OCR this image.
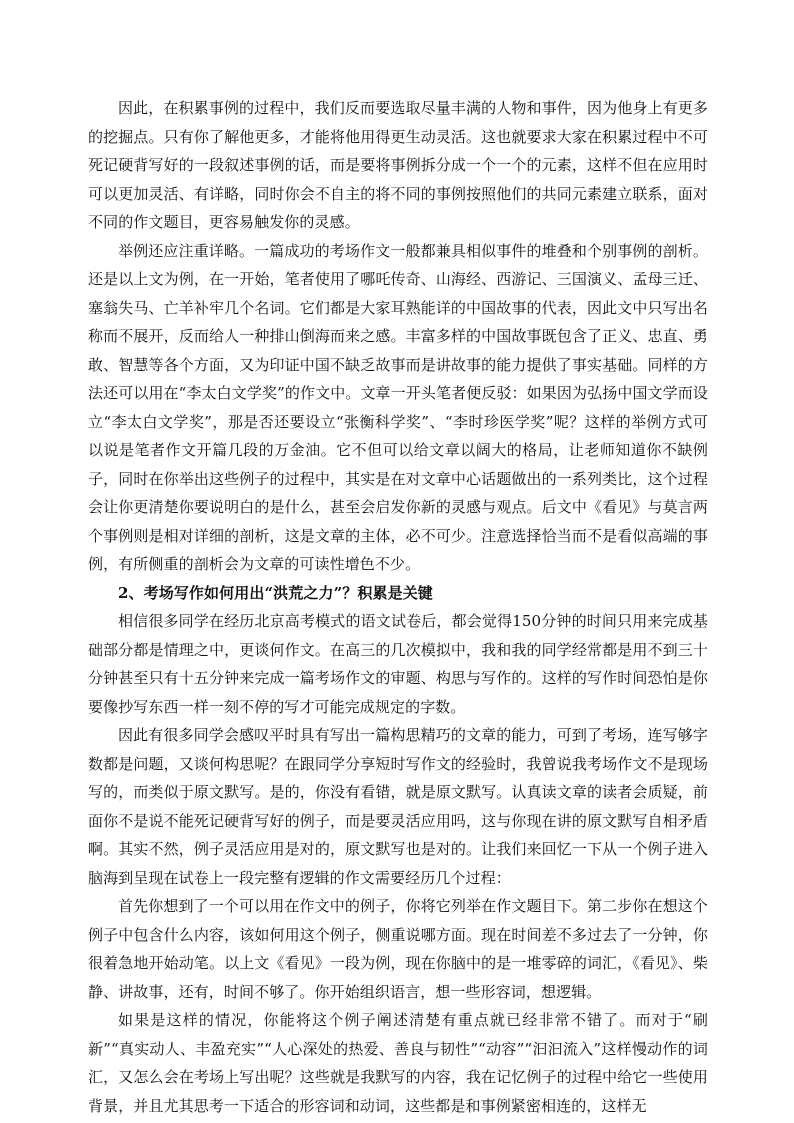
因此，在积累事例的过程中，我们反而要选取尽量丰满的人物和事件，因为他身上有更多的挖掘点。只有你了解他更多，才能将他用得更生动灵活。这也就要求大家在积累过程中不可死记硬背写好的一段叙述事例的话，而是要将事例拆分成一个一个的元素，这样不但在应用时可以更加灵活、有详略，同时你会不自主的将不同的事例按照他们的共同元素建立联系，面对不同的作文题目，更容易触发你的灵感。

举例还应注重详略。一篇成功的考场作文一般都兼具相似事件的堆叠和个别事例的剖析。还是以上文为例，在一开始，笔者使用了哪吒传奇、山海经、西游记、三国演义、孟母三迁、塞翁失马、亡羊补牢几个名词。它们都是大家耳熟能详的中国故事的代表，因此文中只写出名称而不展开，反而给人一种排山倒海而来之感。丰富多样的中国故事既包含了正义、忠直、勇敢、智慧等各个方面，又为印证中国不缺乏故事而是讲故事的能力提供了事实基础。同样的方法还可以用在“李太白文学奖”的作文中。文章一开头笔者便反驳：如果因为弘扬中国文学而设立“李太白文学奖”，那是否还要设立“张衡科学奖”、“李时珍医学奖”呢？这样的举例方式可以说是笔者作文开篇几段的万金油。它不但可以给文章以阔大的格局，让老师知道你不缺例子，同时在你举出这些例子的过程中，其实是在对文章中心话题做出的一系列类比，这个过程会让你更清楚你要说明白的是什么，甚至会启发你新的灵感与观点。后文中《看见》与莫言两个事例则是相对详细的剖析，这是文章的主体，必不可少。注意选择恰当而不是看似高端的事例，有所侧重的剖析会为文章的可读性增色不少。

2、考场写作如何用出“洪荒之力”？积累是关键

相信很多同学在经历北京高考模式的语文试卷后，都会觉得150分钟的时间只用来完成基础部分都是情理之中，更谈何作文。在高三的几次模拟中，我和我的同学经常都是用不到三十分钟甚至只有十五分钟来完成一篇考场作文的审题、构思与写作的。这样的写作时间恐怕是你要像抄写东西一样一刻不停的写才可能完成规定的字数。

因此有很多同学会感叹平时具有写出一篇构思精巧的文章的能力，可到了考场，连写够字数都是问题，又谈何构思呢？在跟同学分享短时写作文的经验时，我曾说我考场作文不是现场写的，而类似于原文默写。是的，你没有看错，就是原文默写。认真读文章的读者会质疑，前面你不是说不能死记硬背写好的例子，而是要灵活应用吗，这与你现在讲的原文默写自相矛盾啊。其实不然，例子灵活应用是对的，原文默写也是对的。让我们来回忆一下从一个例子进入脑海到呈现在试卷上一段完整有逻辑的作文需要经历几个过程：

首先你想到了一个可以用在作文中的例子，你将它列举在作文题目下。第二步你在想这个例子中包含什么内容，该如何用这个例子，侧重说哪方面。现在时间差不多过去了一分钟，你很着急地开始动笔。以上文《看见》一段为例，现在你脑中的是一堆零碎的词汇，《看见》、柴静、讲故事，还有，时间不够了。你开始组织语言，想一些形容词，想逻辑。

如果是这样的情况，你能将这个例子阐述清楚有重点就已经非常不错了。而对于“刷新”“真实动人、丰盈充实”“人心深处的热爱、善良与韧性”“动容”“汩汩流入”这样慢动作的词汇，又怎么会在考场上写出呢？这些就是我默写的内容，我在记忆例子的过程中给它一些使用背景，并且尤其思考一下适合的形容词和动词，这些都是和事例紧密相连的，这样无
